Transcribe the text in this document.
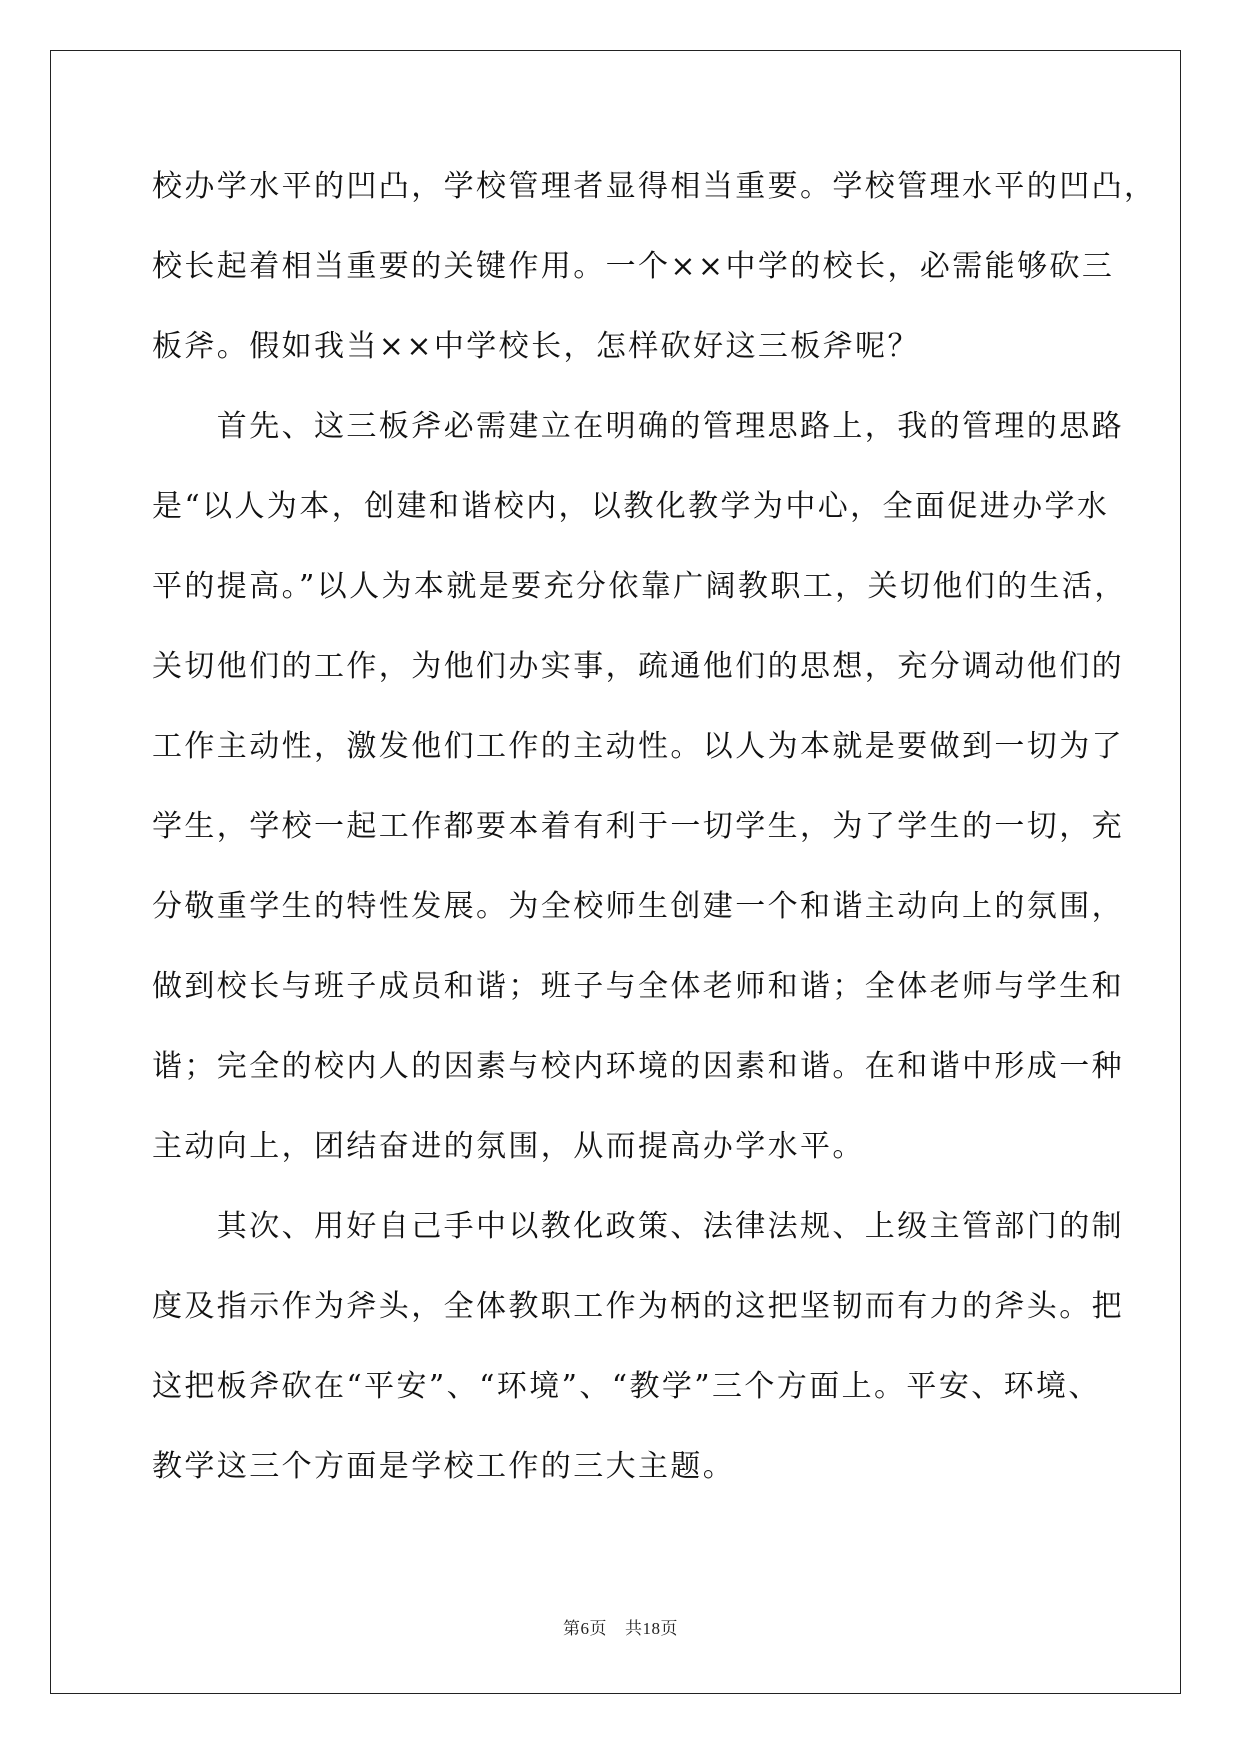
校办学水平的凹凸，学校管理者显得相当重要。学校管理水平的凹凸，
校长起着相当重要的关键作用。一个××中学的校长，必需能够砍三
板斧。假如我当××中学校长，怎样砍好这三板斧呢？
　　首先、这三板斧必需建立在明确的管理思路上，我的管理的思路
是“以人为本，创建和谐校内，以教化教学为中心，全面促进办学水
平的提高。”以人为本就是要充分依靠广阔教职工，关切他们的生活，
关切他们的工作，为他们办实事，疏通他们的思想，充分调动他们的
工作主动性，激发他们工作的主动性。以人为本就是要做到一切为了
学生，学校一起工作都要本着有利于一切学生，为了学生的一切，充
分敬重学生的特性发展。为全校师生创建一个和谐主动向上的氛围，
做到校长与班子成员和谐；班子与全体老师和谐；全体老师与学生和
谐；完全的校内人的因素与校内环境的因素和谐。在和谐中形成一种
主动向上，团结奋进的氛围，从而提高办学水平。
　　其次、用好自己手中以教化政策、法律法规、上级主管部门的制
度及指示作为斧头，全体教职工作为柄的这把坚韧而有力的斧头。把
这把板斧砍在“平安”、“环境”、“教学”三个方面上。平安、环境、
教学这三个方面是学校工作的三大主题。
第6页 共18页
